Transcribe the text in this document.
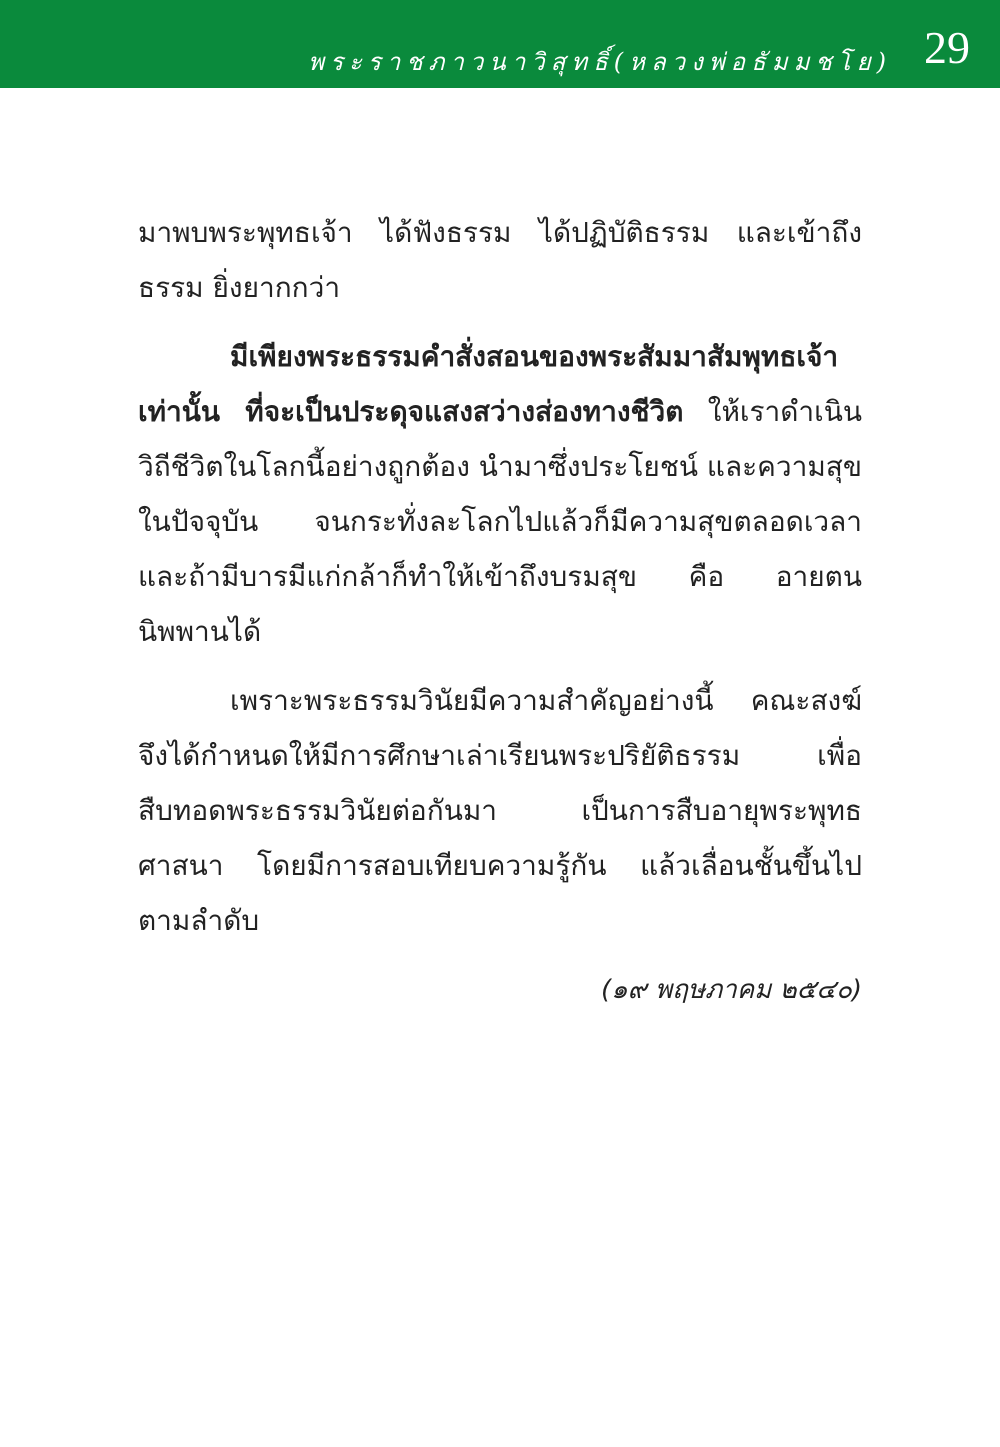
พระราชภาวนาวิสุทธิ์(หลวงพ่อธัมมชโย) 29

มาพบพระพุทธเจ้า ได้ฟังธรรม ได้ปฏิบัติธรรม และเข้าถึงธรรม ยิ่งยากกว่า

มีเพียงพระธรรมคำสั่งสอนของพระสัมมาสัมพุทธเจ้า เท่านั้น ที่จะเป็นประดุจแสงสว่างส่องทางชีวิต ให้เราดำเนินวิถีชีวิตในโลกนี้อย่างถูกต้อง นำมาซึ่งประโยชน์ และความสุขในปัจจุบัน จนกระทั่งละโลกไปแล้วก็มีความสุขตลอดเวลา และถ้ามีบารมีแก่กล้าก็ทำให้เข้าถึงบรมสุข คือ อายตนนิพพานได้

เพราะพระธรรมวินัยมีความสำคัญอย่างนี้ คณะสงฆ์ จึงได้กำหนดให้มีการศึกษาเล่าเรียนพระปริยัติธรรม เพื่อสืบทอดพระธรรมวินัยต่อกันมา เป็นการสืบอายุพระพุทธศาสนา โดยมีการสอบเทียบความรู้กัน แล้วเลื่อนชั้นขึ้นไปตามลำดับ

(๑๙ พฤษภาคม ๒๕๔๐)
